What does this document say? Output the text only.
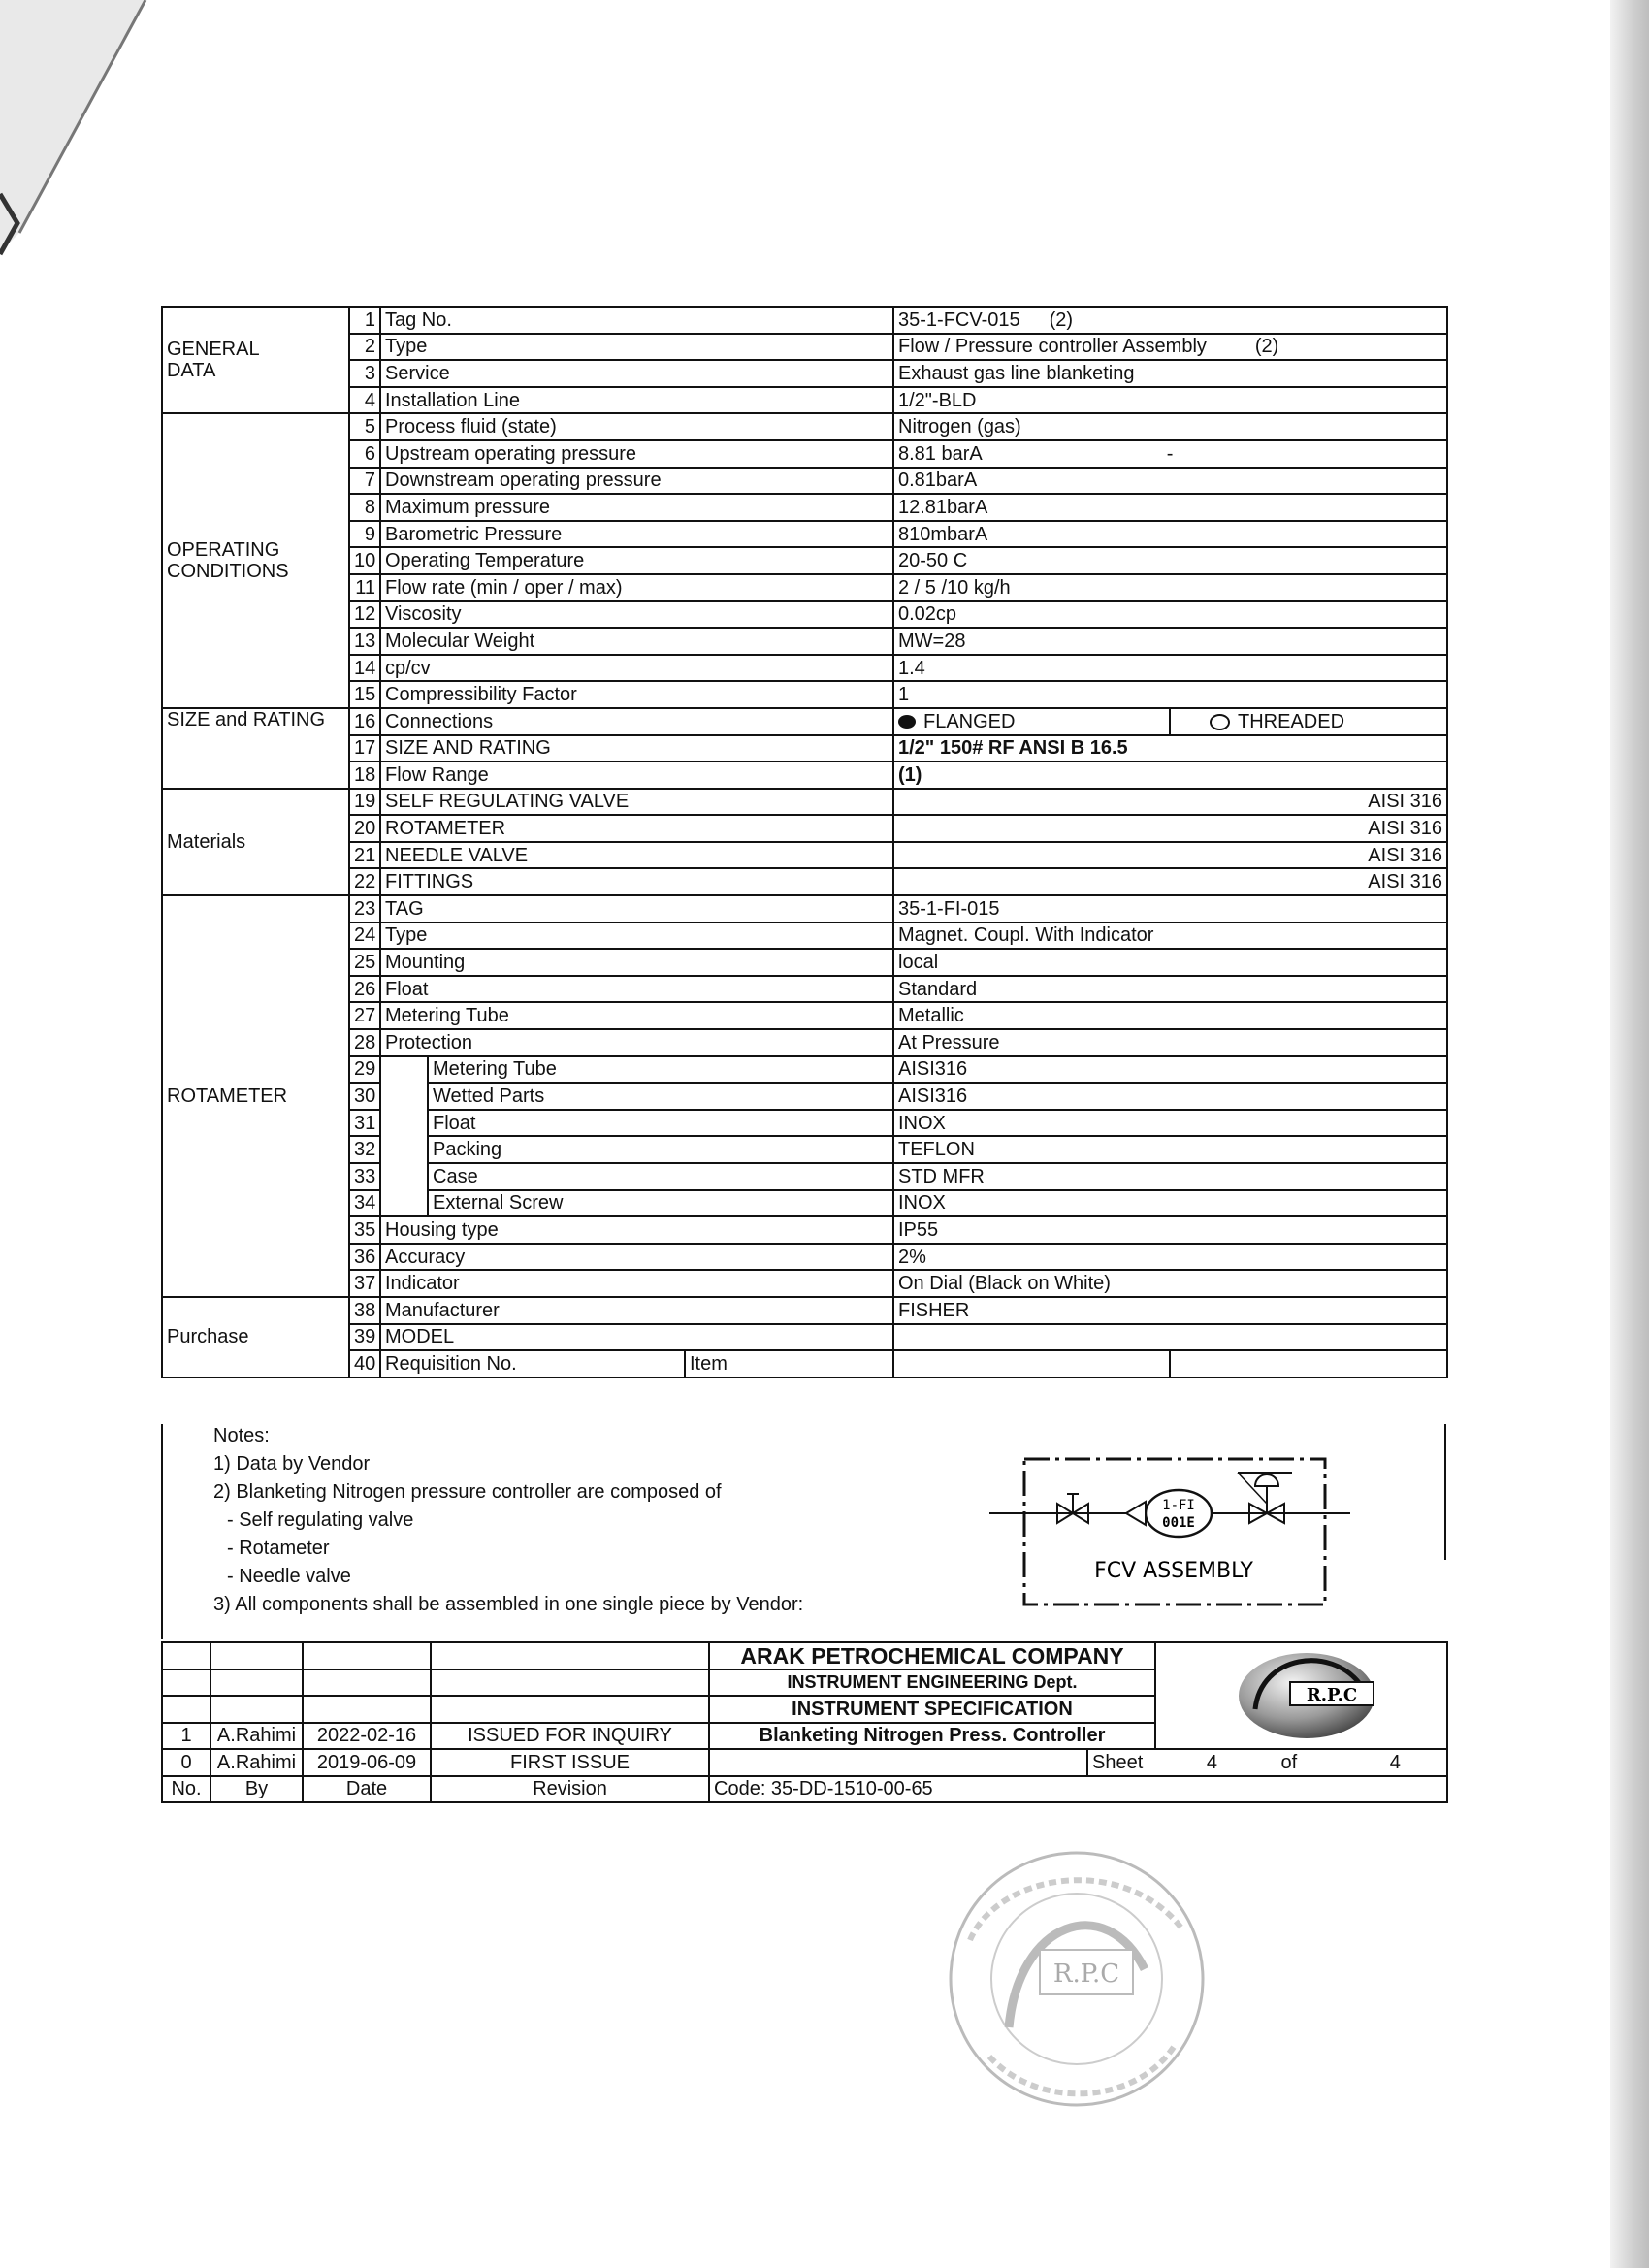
GENERAL
DATA	1	Tag No.			35-1-FCV-015 (2)	
	2	Type			Flow / Pressure controller Assembly (2)	
	3	Service			Exhaust gas line blanketing	
	4	Installation Line			1/2"-BLD	

OPERATING
CONDITIONS	5	Process fluid (state)			Nitrogen (gas)	
	6	Upstream operating pressure			8.81 barA -	
	7	Downstream operating pressure			0.81barA	
	8	Maximum pressure			12.81barA	
	9	Barometric Pressure			810mbarA	
	10	Operating Temperature			20-50 C	
	11	Flow rate (min / oper / max)			2 / 5 /10 kg/h	
	12	Viscosity			0.02cp	
	13	Molecular Weight			MW=28	
	14	cp/cv			1.4	
	15	Compressibility Factor			1	

SIZE and RATING	16	Connections			FLANGED	THREADED
	17	SIZE AND RATING			1/2" 150# RF ANSI B 16.5	
	18	Flow Range			(1)	

Materials	19	SELF REGULATING VALVE			AISI 316	
	20	ROTAMETER			AISI 316	
	21	NEEDLE VALVE			AISI 316	
	22	FITTINGS			AISI 316	

ROTAMETER	23	TAG			35-1-FI-015	
	24	Type			Magnet. Coupl. With Indicator	
	25	Mounting			local	
	26	Float			Standard	
	27	Metering Tube			Metallic	
	28	Protection			At Pressure	
	29		Metering Tube		AISI316	
	30		Wetted Parts		AISI316	
	31		Float		INOX	
	32		Packing		TEFLON	
	33		Case		STD MFR	
	34		External Screw		INOX	
	35	Housing type			IP55	
	36	Accuracy			2%	
	37	Indicator			On Dial (Black on White)	

Purchase	38	Manufacturer			FISHER	
	39	MODEL				
	40	Requisition No.		Item		
Notes:
1) Data by Vendor
2) Blanketing Nitrogen pressure controller are composed of
- Self regulating valve
- Rotameter
- Needle valve
3) All components shall be assembled in one single piece by Vendor:
1-FI
001E
FCV ASSEMBLY
				ARAK PETROCHEMICAL COMPANY		R.P.C

				INSTRUMENT ENGINEERING Dept.		
				INSTRUMENT SPECIFICATION		
1	A.Rahimi	2022-02-16	ISSUED FOR INQUIRY	Blanketing Nitrogen Press. Controller		
0	A.Rahimi	2019-06-09	FIRST ISSUE		Sheet 4 of 4	
No.	By	Date	Revision	Code: 35-DD-1510-00-65		
R.P.C
